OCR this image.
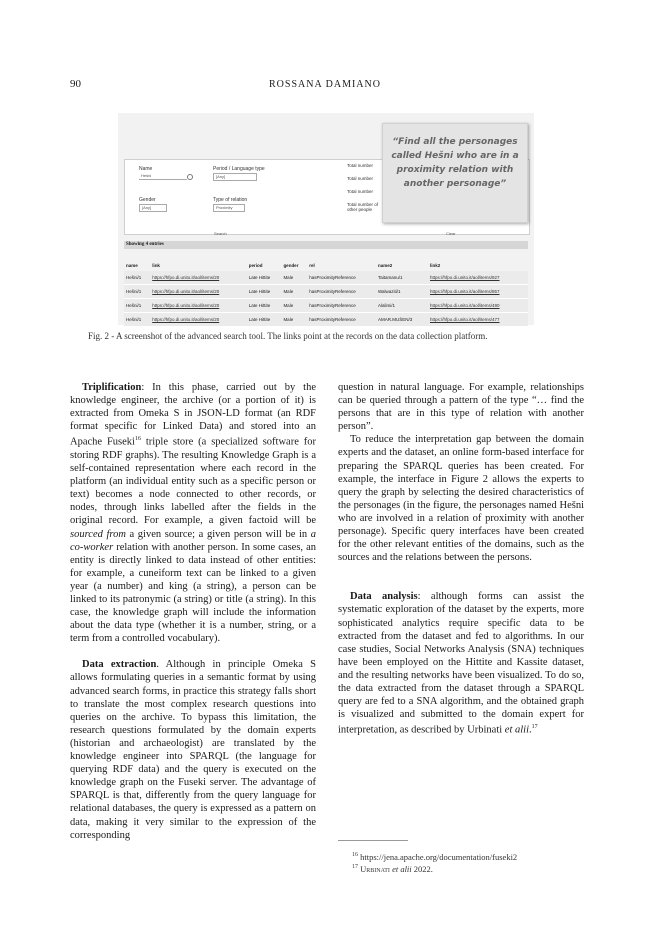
90	ROSSANA DAMIANO
Name
Hešni
Period / Language type
[Any]
Gender
[Any]
Type of relation
Proximity
Total number
Total number
Total number
Total number of other people
“Find all the personages called Hešni who are in a proximity relation with another personage”
Search	Clear
Showing 4 entries
name	link	period	gender	rel	name2	link2
Hešni/1	https://hfpo.di.unito.it/aol/items/20	Late Hittite	Male	hasProximityReference	Taitamanu/1	https://hfpo.di.unito.it/aol/items/827
Hešni/1	https://hfpo.di.unito.it/aol/items/20	Late Hittite	Male	hasProximityReference	Walwaziti/1	https://hfpo.di.unito.it/aol/items/857
Hešni/1	https://hfpo.di.unito.it/aol/items/20	Late Hittite	Male	hasProximityReference	Alalimi/1	https://hfpo.di.unito.it/aol/items/490
Hešni/1	https://hfpo.di.unito.it/aol/items/20	Late Hittite	Male	hasProximityReference	AMAR.MUŠEN/3	https://hfpo.di.unito.it/aol/items/477
Fig. 2 - A screenshot of the advanced search tool. The links point at the records on the data collection platform.

Triplification: In this phase, carried out by the knowledge engineer, the archive (or a portion of it) is extracted from Omeka S in JSON-LD format (an RDF format specific for Linked Data) and stored into an Apache Fuseki$^{16}$ triple store (a specialized software for storing RDF graphs). The resulting Knowledge Graph is a self-contained representation where each record in the platform (an individual entity such as a specific person or text) becomes a node connected to other records, or nodes, through links labelled after the fields in the original record. For example, a given factoid will be sourced from a given source; a given person will be in a co-worker relation with another person. In some cases, an entity is directly linked to data instead of other entities: for example, a cuneiform text can be linked to a given year (a number) and king (a string), a person can be linked to its patronymic (a string) or title (a string). In this case, the knowledge graph will include the information about the data type (whether it is a number, string, or a term from a controlled vocabulary).

Data extraction. Although in principle Omeka S allows formulating queries in a semantic format by using advanced search forms, in practice this strategy falls short to translate the most complex research questions into queries on the archive. To bypass this limitation, the research questions formulated by the domain experts (historian and archaeologist) are translated by the knowledge engineer into SPARQL (the language for querying RDF data) and the query is executed on the knowledge graph on the Fuseki server. The advantage of SPARQL is that, differently from the query language for relational databases, the query is expressed as a pattern on data, making it very similar to the expression of the corresponding

question in natural language. For example, relationships can be queried through a pattern of the type “… find the persons that are in this type of relation with another person”.

To reduce the interpretation gap between the domain experts and the dataset, an online form-based interface for preparing the SPARQL queries has been created. For example, the interface in Figure 2 allows the experts to query the graph by selecting the desired characteristics of the personages (in the figure, the personages named Hešni who are involved in a relation of proximity with another personage). Specific query interfaces have been created for the other relevant entities of the domains, such as the sources and the relations between the persons.

Data analysis: although forms can assist the systematic exploration of the dataset by the experts, more sophisticated analytics require specific data to be extracted from the dataset and fed to algorithms. In our case studies, Social Networks Analysis (SNA) techniques have been employed on the Hittite and Kassite dataset, and the resulting networks have been visualized. To do so, the data extracted from the dataset through a SPARQL query are fed to a SNA algorithm, and the obtained graph is visualized and submitted to the domain expert for interpretation, as described by Urbinati et alii.$^{17}$

$^{16}$ https://jena.apache.org/documentation/fuseki2
$^{17}$ Urbinati et alii 2022.
